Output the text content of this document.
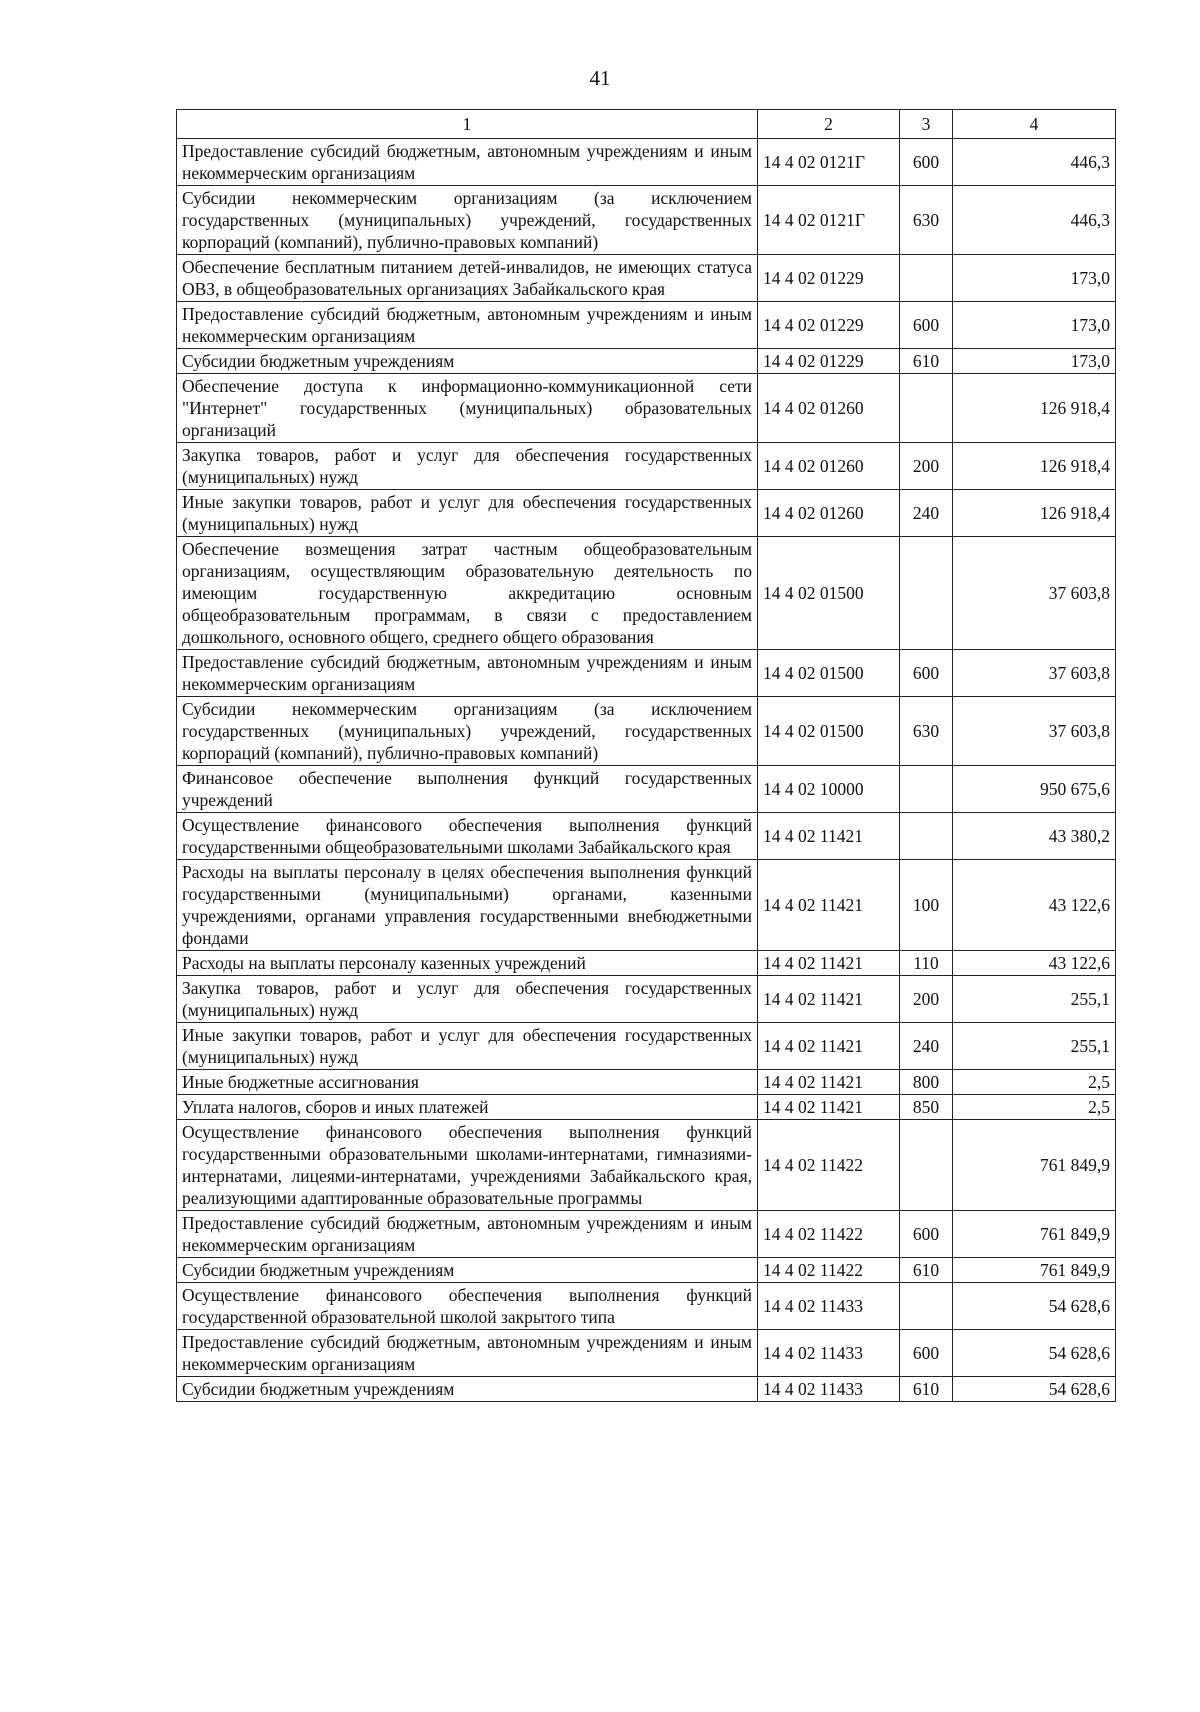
41
1	2	3	4
Предоставление субсидий бюджетным, автономным учреждениям и иным некоммерческим организациям	14 4 02 0121Г	600	446,3
Субсидии некоммерческим организациям (за исключением государственных (муниципальных) учреждений, государственных корпораций (компаний), публично-правовых компаний)	14 4 02 0121Г	630	446,3
Обеспечение бесплатным питанием детей-инвалидов, не имеющих статуса ОВЗ, в общеобразовательных организациях Забайкальского края	14 4 02 01229		173,0
Предоставление субсидий бюджетным, автономным учреждениям и иным некоммерческим организациям	14 4 02 01229	600	173,0
Субсидии бюджетным учреждениям	14 4 02 01229	610	173,0
Обеспечение доступа к информационно-коммуникационной сети "Интернет" государственных (муниципальных) образовательных организаций	14 4 02 01260		126 918,4
Закупка товаров, работ и услуг для обеспечения государственных (муниципальных) нужд	14 4 02 01260	200	126 918,4
Иные закупки товаров, работ и услуг для обеспечения государственных (муниципальных) нужд	14 4 02 01260	240	126 918,4
Обеспечение возмещения затрат частным общеобразовательным организациям, осуществляющим образовательную деятельность по имеющим государственную аккредитацию основным общеобразовательным программам, в связи с предоставлением дошкольного, основного общего, среднего общего образования	14 4 02 01500		37 603,8
Предоставление субсидий бюджетным, автономным учреждениям и иным некоммерческим организациям	14 4 02 01500	600	37 603,8
Субсидии некоммерческим организациям (за исключением государственных (муниципальных) учреждений, государственных корпораций (компаний), публично-правовых компаний)	14 4 02 01500	630	37 603,8
Финансовое обеспечение выполнения функций государственных учреждений	14 4 02 10000		950 675,6
Осуществление финансового обеспечения выполнения функций государственными общеобразовательными школами Забайкальского края	14 4 02 11421		43 380,2
Расходы на выплаты персоналу в целях обеспечения выполнения функций государственными (муниципальными) органами, казенными учреждениями, органами управления государственными внебюджетными фондами	14 4 02 11421	100	43 122,6
Расходы на выплаты персоналу казенных учреждений	14 4 02 11421	110	43 122,6
Закупка товаров, работ и услуг для обеспечения государственных (муниципальных) нужд	14 4 02 11421	200	255,1
Иные закупки товаров, работ и услуг для обеспечения государственных (муниципальных) нужд	14 4 02 11421	240	255,1
Иные бюджетные ассигнования	14 4 02 11421	800	2,5
Уплата налогов, сборов и иных платежей	14 4 02 11421	850	2,5
Осуществление финансового обеспечения выполнения функций государственными образовательными школами-интернатами, гимназиями-интернатами, лицеями-интернатами, учреждениями Забайкальского края, реализующими адаптированные образовательные программы	14 4 02 11422		761 849,9
Предоставление субсидий бюджетным, автономным учреждениям и иным некоммерческим организациям	14 4 02 11422	600	761 849,9
Субсидии бюджетным учреждениям	14 4 02 11422	610	761 849,9
Осуществление финансового обеспечения выполнения функций государственной образовательной школой закрытого типа	14 4 02 11433		54 628,6
Предоставление субсидий бюджетным, автономным учреждениям и иным некоммерческим организациям	14 4 02 11433	600	54 628,6
Субсидии бюджетным учреждениям	14 4 02 11433	610	54 628,6
